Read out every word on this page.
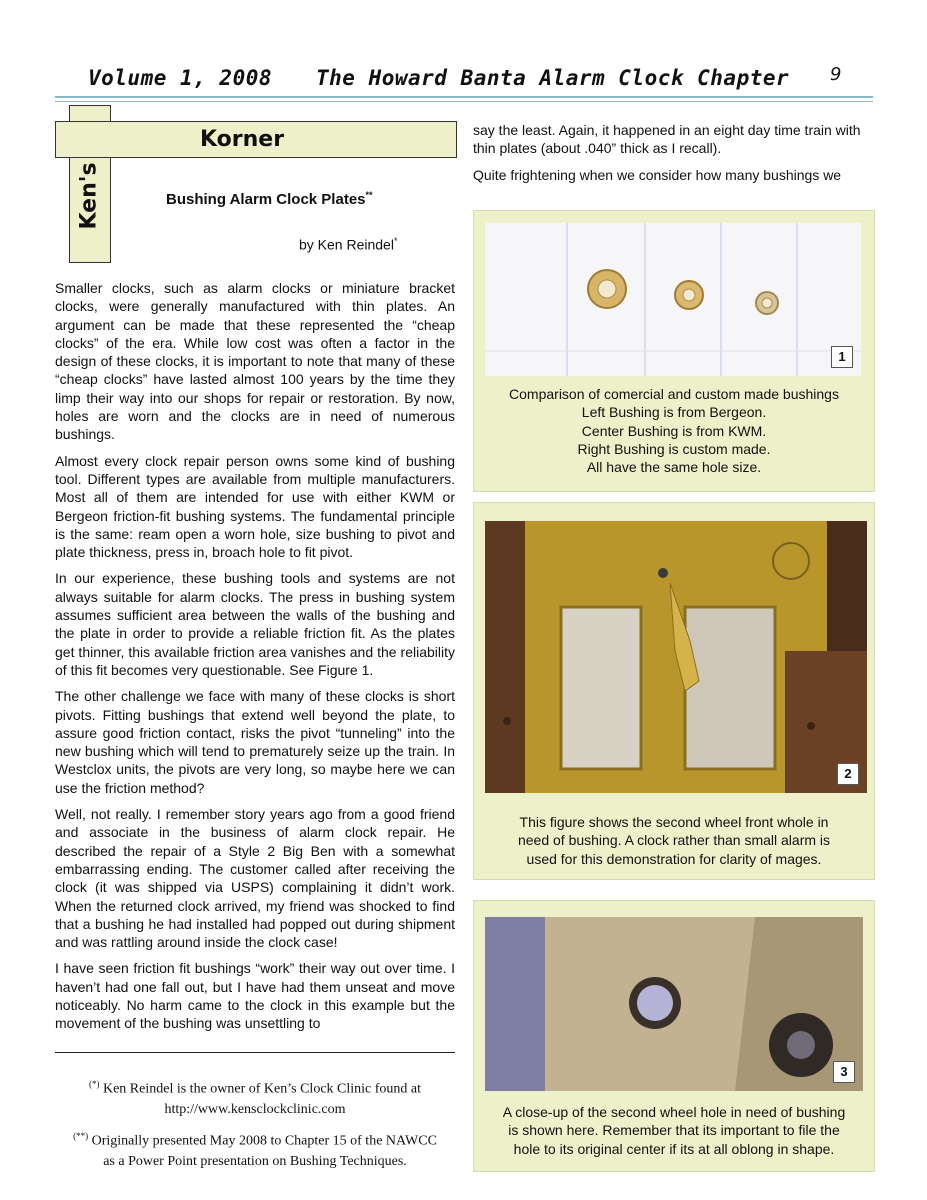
Volume 1, 2008 The Howard Banta Alarm Clock Chapter 9
Korner
Ken's	Bushing Alarm Clock Plates**
by Ken Reindel*

Smaller clocks, such as alarm clocks or miniature bracket clocks, were generally manufactured with thin plates. An argument can be made that these represented the “cheap clocks” of the era. While low cost was often a factor in the design of these clocks, it is important to note that many of these “cheap clocks” have lasted almost 100 years by the time they limp their way into our shops for repair or restoration. By now, holes are worn and the clocks are in need of numerous bushings.

Almost every clock repair person owns some kind of bushing tool. Different types are available from multiple manufacturers. Most all of them are intended for use with either KWM or Bergeon friction-fit bushing systems. The fundamental principle is the same: ream open a worn hole, size bushing to pivot and plate thickness, press in, broach hole to fit pivot.

In our experience, these bushing tools and systems are not always suitable for alarm clocks. The press in bushing system assumes sufficient area between the walls of the bushing and the plate in order to provide a reliable friction fit. As the plates get thinner, this available friction area vanishes and the reliability of this fit becomes very questionable. See Figure 1.

The other challenge we face with many of these clocks is short pivots. Fitting bushings that extend well beyond the plate, to assure good friction contact, risks the pivot “tunneling” into the new bushing which will tend to prematurely seize up the train. In Westclox units, the pivots are very long, so maybe here we can use the friction method?

Well, not really. I remember story years ago from a good friend and associate in the business of alarm clock repair. He described the repair of a Style 2 Big Ben with a somewhat embarrassing ending. The customer called after receiving the clock (it was shipped via USPS) complaining it didn’t work. When the returned clock arrived, my friend was shocked to find that a bushing he had installed had popped out during shipment and was rattling around inside the clock case!

I have seen friction fit bushings “work” their way out over time. I haven’t had one fall out, but I have had them unseat and move noticeably. No harm came to the clock in this example but the movement of the bushing was unsettling to

(*) Ken Reindel is the owner of Ken’s Clock Clinic found at
http://www.kensclockclinic.com
(**) Originally presented May 2008 to Chapter 15 of the NAWCC
as a Power Point presentation on Bushing Techniques.

say the least. Again, it happened in an eight day time train with thin plates (about .040” thick as I recall).

Quite frightening when we consider how many bushings we

1
Comparison of comercial and custom made bushings
Left Bushing is from Bergeon.
Center Bushing is from KWM.
Right Bushing is custom made.
All have the same hole size.
2
This figure shows the second wheel front whole in
need of bushing. A clock rather than small alarm is
used for this demonstration for clarity of mages.
3
A close-up of the second wheel hole in need of bushing
is shown here. Remember that its important to file the
hole to its original center if its at all oblong in shape.
